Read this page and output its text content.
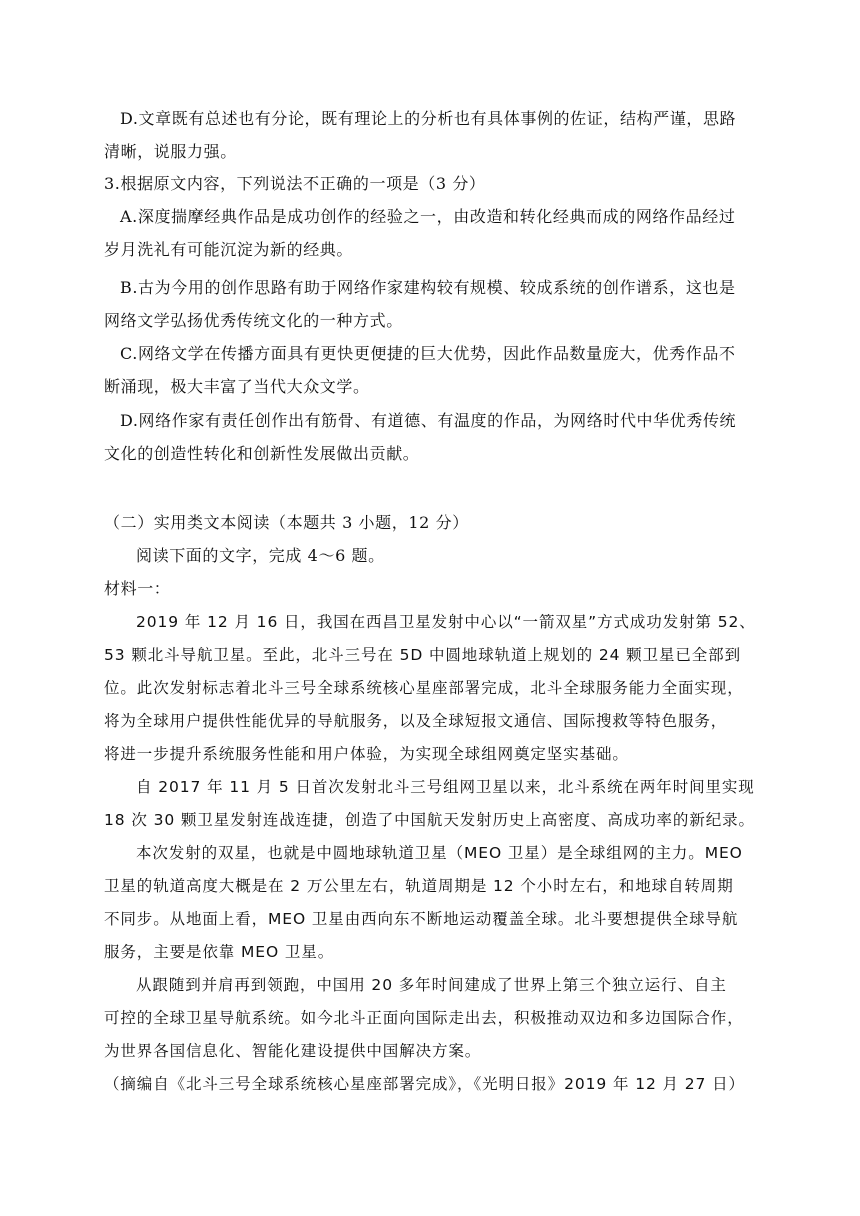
D.文章既有总述也有分论，既有理论上的分析也有具体事例的佐证，结构严谨，思路
清晰，说服力强。
3.根据原文内容，下列说法不正确的一项是（3 分）
A.深度揣摩经典作品是成功创作的经验之一，由改造和转化经典而成的网络作品经过
岁月洗礼有可能沉淀为新的经典。
B.古为今用的创作思路有助于网络作家建构较有规模、较成系统的创作谱系，这也是
网络文学弘扬优秀传统文化的一种方式。
C.网络文学在传播方面具有更快更便捷的巨大优势，因此作品数量庞大，优秀作品不
断涌现，极大丰富了当代大众文学。
D.网络作家有责任创作出有筋骨、有道德、有温度的作品，为网络时代中华优秀传统
文化的创造性转化和创新性发展做出贡献。
（二）实用类文本阅读（本题共 3 小题，12 分）
阅读下面的文字，完成 4～6 题。
材料一：
2019 年 12 月 16 日，我国在西昌卫星发射中心以“一箭双星”方式成功发射第 52、
53 颗北斗导航卫星。至此，北斗三号在 5D 中圆地球轨道上规划的 24 颗卫星已全部到
位。此次发射标志着北斗三号全球系统核心星座部署完成，北斗全球服务能力全面实现，
将为全球用户提供性能优异的导航服务，以及全球短报文通信、国际搜救等特色服务，
将进一步提升系统服务性能和用户体验，为实现全球组网奠定坚实基础。
自 2017 年 11 月 5 日首次发射北斗三号组网卫星以来，北斗系统在两年时间里实现
18 次 30 颗卫星发射连战连捷，创造了中国航天发射历史上高密度、高成功率的新纪录。
本次发射的双星，也就是中圆地球轨道卫星（MEO 卫星）是全球组网的主力。MEO
卫星的轨道高度大概是在 2 万公里左右，轨道周期是 12 个小时左右，和地球自转周期
不同步。从地面上看，MEO 卫星由西向东不断地运动覆盖全球。北斗要想提供全球导航
服务，主要是依靠 MEO 卫星。
从跟随到并肩再到领跑，中国用 20 多年时间建成了世界上第三个独立运行、自主
可控的全球卫星导航系统。如今北斗正面向国际走出去，积极推动双边和多边国际合作，
为世界各国信息化、智能化建设提供中国解决方案。
（摘编自《北斗三号全球系统核心星座部署完成》，《光明日报》2019 年 12 月 27 日）
